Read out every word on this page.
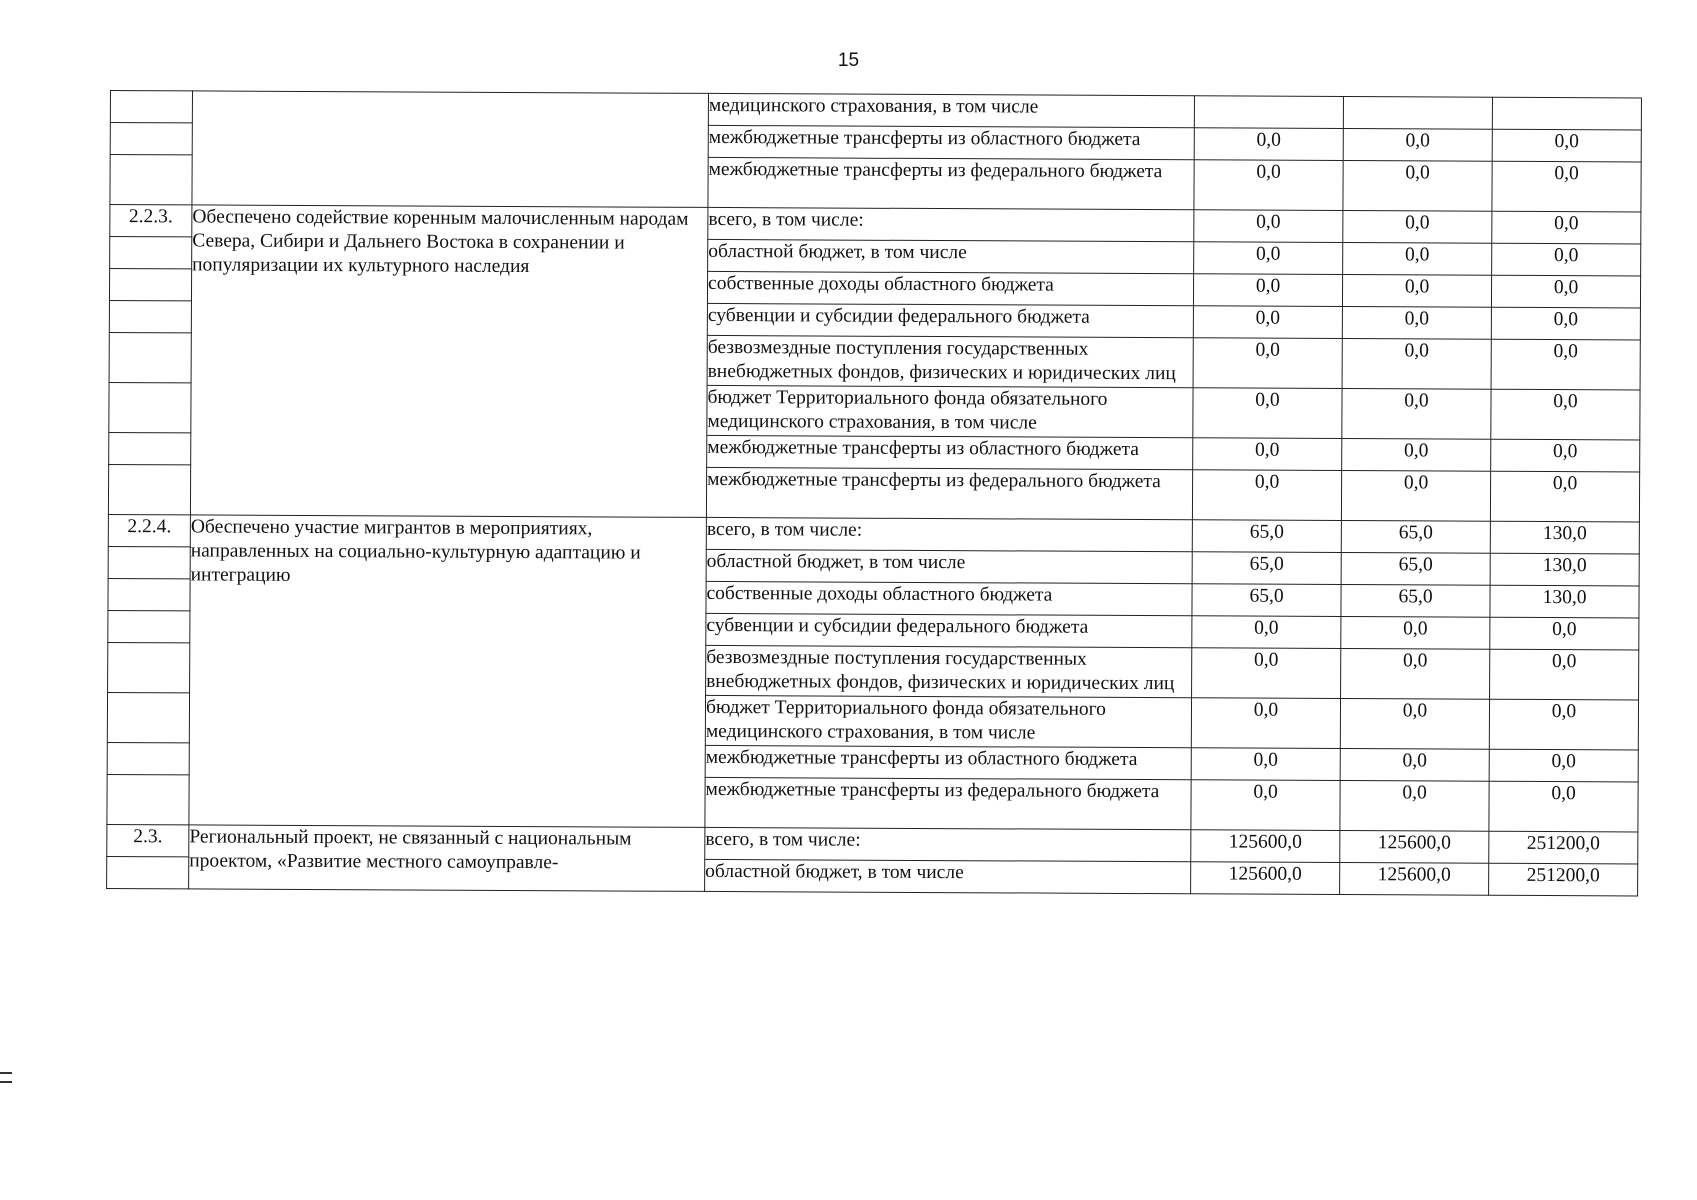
15
		медицинского страхования, в том числе			
		межбюджетные трансферты из областного бюджета	0,0	0,0	0,0
		межбюджетные трансферты из федерального бюджета	0,0	0,0	0,0
2.2.3.	Обеспечено содействие коренным малочисленным народам Севера, Сибири и Дальнего Востока в сохранении и популяризации их культурного наследия	всего, в том числе:	0,0	0,0	0,0
		областной бюджет, в том числе	0,0	0,0	0,0
		собственные доходы областного бюджета	0,0	0,0	0,0
		субвенции и субсидии федерального бюджета	0,0	0,0	0,0
		безвозмездные поступления государственных внебюджетных фондов, физических и юридических лиц	0,0	0,0	0,0
		бюджет Территориального фонда обязательного медицинского страхования, в том числе	0,0	0,0	0,0
		межбюджетные трансферты из областного бюджета	0,0	0,0	0,0
		межбюджетные трансферты из федерального бюджета	0,0	0,0	0,0
2.2.4.	Обеспечено участие мигрантов в мероприятиях, направленных на социально-культурную адаптацию и интеграцию	всего, в том числе:	65,0	65,0	130,0
		областной бюджет, в том числе	65,0	65,0	130,0
		собственные доходы областного бюджета	65,0	65,0	130,0
		субвенции и субсидии федерального бюджета	0,0	0,0	0,0
		безвозмездные поступления государственных внебюджетных фондов, физических и юридических лиц	0,0	0,0	0,0
		бюджет Территориального фонда обязательного медицинского страхования, в том числе	0,0	0,0	0,0
		межбюджетные трансферты из областного бюджета	0,0	0,0	0,0
		межбюджетные трансферты из федерального бюджета	0,0	0,0	0,0
2.3.	Региональный проект, не связанный с национальным проектом, «Развитие местного самоуправле-	всего, в том числе:	125600,0	125600,0	251200,0
		областной бюджет, в том числе	125600,0	125600,0	251200,0
